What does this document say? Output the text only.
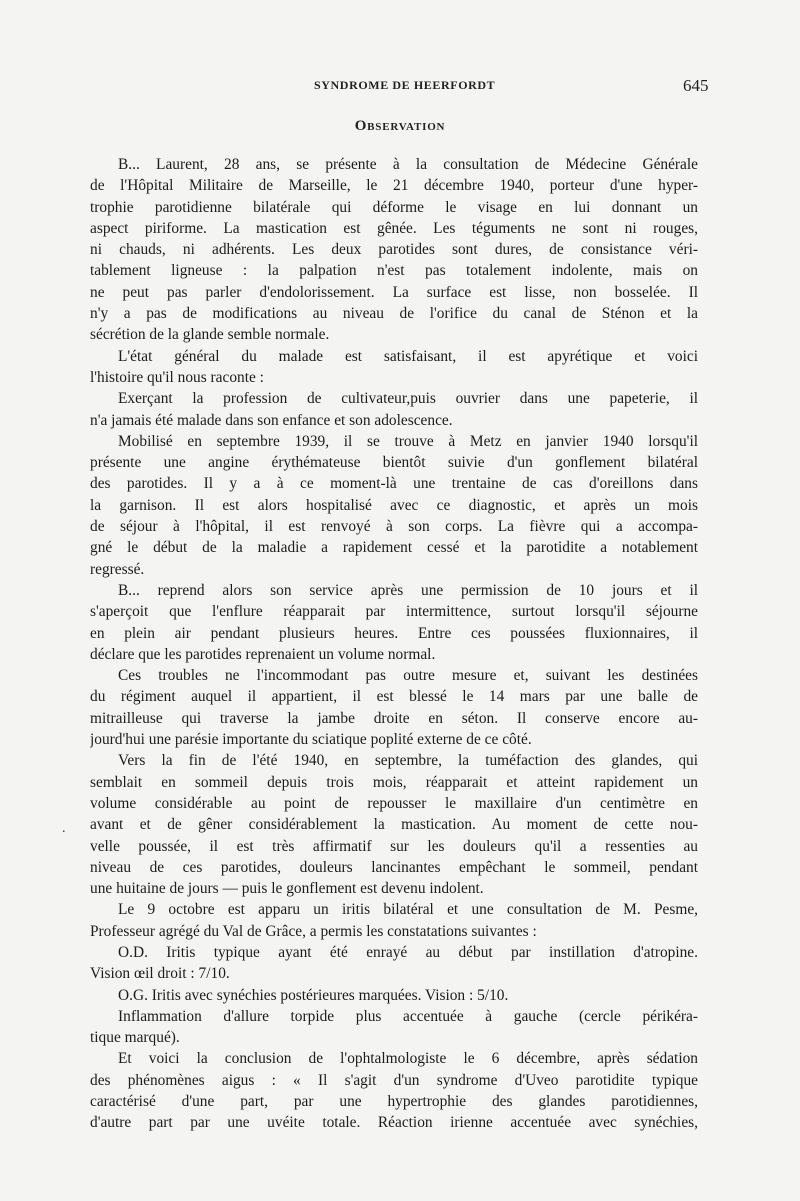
SYNDROME DE HEERFORDT	645
Observation
.
B... Laurent, 28 ans, se présente à la consultation de Médecine Générale
de l'Hôpital Militaire de Marseille, le 21 décembre 1940, porteur d'une hyper-
trophie parotidienne bilatérale qui déforme le visage en lui donnant un
aspect piriforme. La mastication est gênée. Les téguments ne sont ni rouges,
ni chauds, ni adhérents. Les deux parotides sont dures, de consistance véri-
tablement ligneuse : la palpation n'est pas totalement indolente, mais on
ne peut pas parler d'endolorissement. La surface est lisse, non bosselée. Il
n'y a pas de modifications au niveau de l'orifice du canal de Sténon et la
sécrétion de la glande semble normale.
L'état général du malade est satisfaisant, il est apyrétique et voici
l'histoire qu'il nous raconte :
Exerçant la profession de cultivateur,puis ouvrier dans une papeterie, il
n'a jamais été malade dans son enfance et son adolescence.
Mobilisé en septembre 1939, il se trouve à Metz en janvier 1940 lorsqu'il
présente une angine érythémateuse bientôt suivie d'un gonflement bilatéral
des parotides. Il y a à ce moment-là une trentaine de cas d'oreillons dans
la garnison. Il est alors hospitalisé avec ce diagnostic, et après un mois
de séjour à l'hôpital, il est renvoyé à son corps. La fièvre qui a accompa-
gné le début de la maladie a rapidement cessé et la parotidite a notablement
regressé.
B... reprend alors son service après une permission de 10 jours et il
s'aperçoit que l'enflure réapparait par intermittence, surtout lorsqu'il séjourne
en plein air pendant plusieurs heures. Entre ces poussées fluxionnaires, il
déclare que les parotides reprenaient un volume normal.
Ces troubles ne l'incommodant pas outre mesure et, suivant les destinées
du régiment auquel il appartient, il est blessé le 14 mars par une balle de
mitrailleuse qui traverse la jambe droite en séton. Il conserve encore au-
jourd'hui une parésie importante du sciatique poplité externe de ce côté.
Vers la fin de l'été 1940, en septembre, la tuméfaction des glandes, qui
semblait en sommeil depuis trois mois, réapparait et atteint rapidement un
volume considérable au point de repousser le maxillaire d'un centimètre en
avant et de gêner considérablement la mastication. Au moment de cette nou-
velle poussée, il est très affirmatif sur les douleurs qu'il a ressenties au
niveau de ces parotides, douleurs lancinantes empêchant le sommeil, pendant
une huitaine de jours — puis le gonflement est devenu indolent.
Le 9 octobre est apparu un iritis bilatéral et une consultation de M. Pesme,
Professeur agrégé du Val de Grâce, a permis les constatations suivantes :
O.D. Iritis typique ayant été enrayé au début par instillation d'atropine.
Vision œil droit : 7/10.
O.G. Iritis avec synéchies postérieures marquées. Vision : 5/10.
Inflammation d'allure torpide plus accentuée à gauche (cercle périkéra-
tique marqué).
Et voici la conclusion de l'ophtalmologiste le 6 décembre, après sédation
des phénomènes aigus : « Il s'agit d'un syndrome d'Uveo parotidite typique
caractérisé d'une part, par une hypertrophie des glandes parotidiennes,
d'autre part par une uvéite totale. Réaction irienne accentuée avec synéchies,
